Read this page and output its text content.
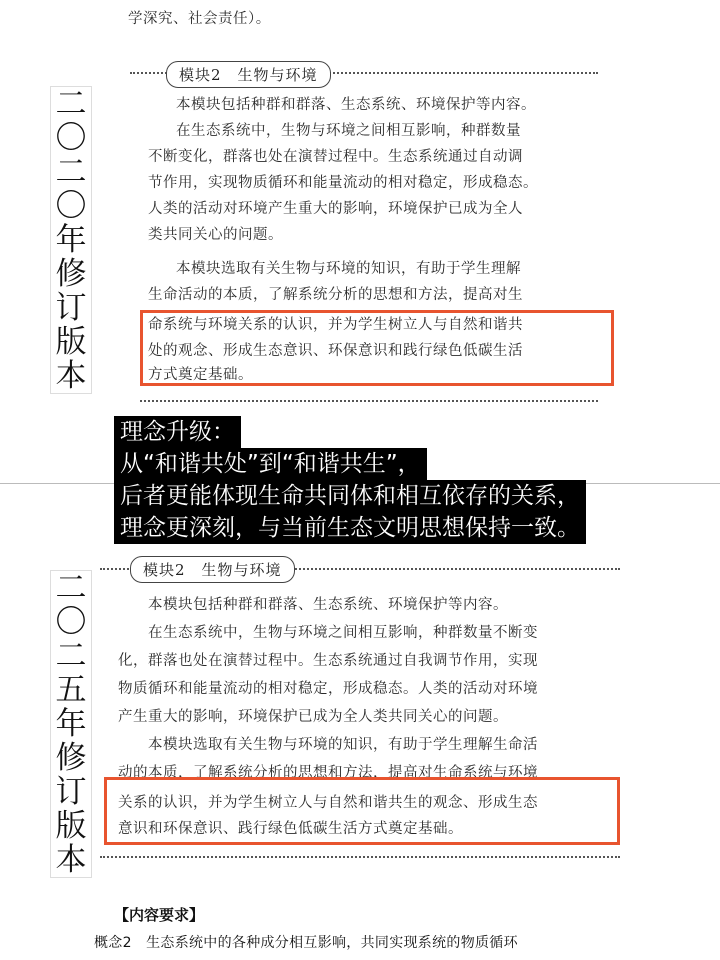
学深究、社会责任）。
二
〇
二
〇
年
修
订
版
本
模块2　生物与环境
本模块包括种群和群落、生态系统、环境保护等内容。
在生态系统中，生物与环境之间相互影响，种群数量
不断变化，群落也处在演替过程中。生态系统通过自动调
节作用，实现物质循环和能量流动的相对稳定，形成稳态。
人类的活动对环境产生重大的影响，环境保护已成为全人
类共同关心的问题。
本模块选取有关生物与环境的知识，有助于学生理解
生命活动的本质，了解系统分析的思想和方法，提高对生
命系统与环境关系的认识，并为学生树立人与自然和谐共
处的观念、形成生态意识、环保意识和践行绿色低碳生活
方式奠定基础。
理念升级：
从“和谐共处”到“和谐共生”，
后者更能体现生命共同体和相互依存的关系，
理念更深刻，与当前生态文明思想保持一致。
二
〇
二
五
年
修
订
版
本
模块2　生物与环境
本模块包括种群和群落、生态系统、环境保护等内容。
在生态系统中，生物与环境之间相互影响，种群数量不断变
化，群落也处在演替过程中。生态系统通过自我调节作用，实现
物质循环和能量流动的相对稳定，形成稳态。人类的活动对环境
产生重大的影响，环境保护已成为全人类共同关心的问题。
本模块选取有关生物与环境的知识，有助于学生理解生命活
动的本质，了解系统分析的思想和方法，提高对生命系统与环境
关系的认识，并为学生树立人与自然和谐共生的观念、形成生态
意识和环保意识、践行绿色低碳生活方式奠定基础。
【内容要求】
概念2　生态系统中的各种成分相互影响，共同实现系统的物质循环
